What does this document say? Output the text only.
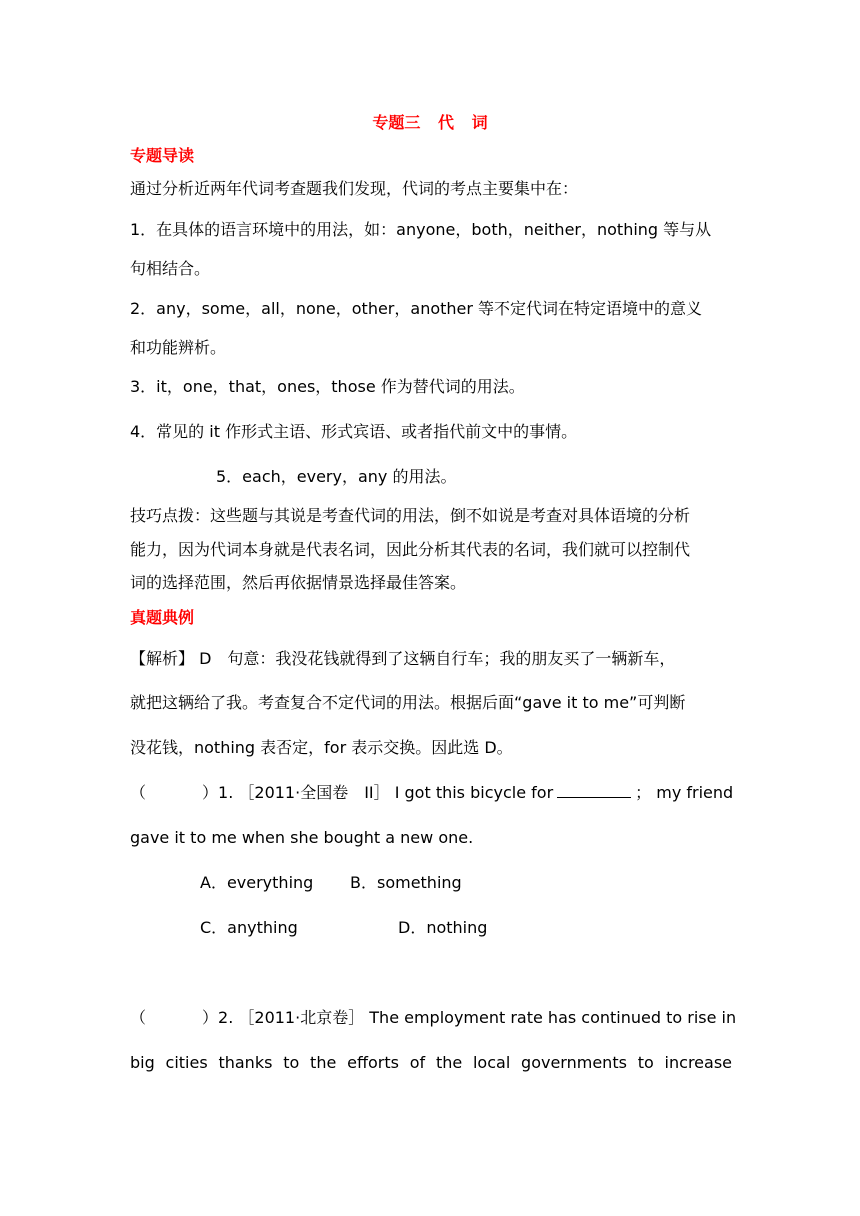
专题三 代 词
专题导读
通过分析近两年代词考查题我们发现，代词的考点主要集中在：
1．在具体的语言环境中的用法，如：anyone，both，neither，nothing 等与从
句相结合。
2．any，some，all，none，other，another 等不定代词在特定语境中的意义
和功能辨析。
3．it，one，that，ones，those 作为替代词的用法。
4．常见的 it 作形式主语、形式宾语、或者指代前文中的事情。
5．each，every，any 的用法。
技巧点拨：这些题与其说是考查代词的用法，倒不如说是考查对具体语境的分析
能力，因为代词本身就是代表名词，因此分析其代表的名词，我们就可以控制代
词的选择范围，然后再依据情景选择最佳答案。
真题典例
【解析】 D　句意：我没花钱就得到了这辆自行车；我的朋友买了一辆新车，
就把这辆给了我。考查复合不定代词的用法。根据后面“gave it to me”可判断
没花钱，nothing 表否定，for 表示交换。因此选 D。
（	）1. ［2011·全国卷　II］ I got this bicycle for	； my friend
gave it to me when she bought a new one.
A．everything B．something
C．anything	D．nothing
（	）2. ［2011·北京卷］ The employment rate has continued to rise in
big cities thanks to the efforts of the local governments to increase
